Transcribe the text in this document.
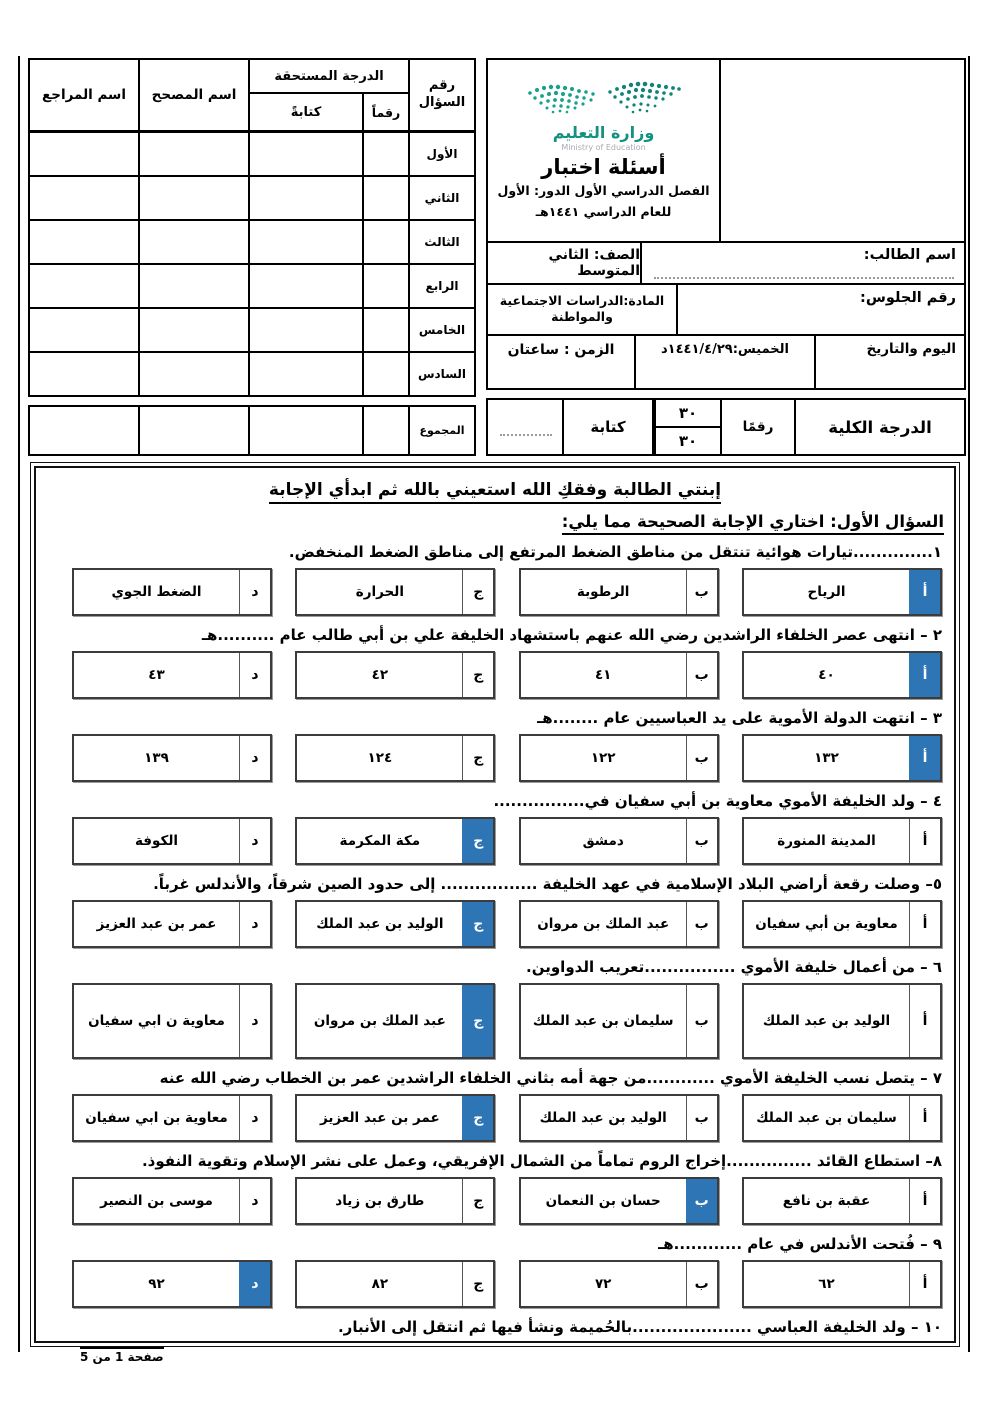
وزارة التعليم
Ministry of Education
أسئلة اختبار
الفصل الدراسي الأول الدور: الأول
للعام الدراسي ١٤٤١هـ
اسم الطالب:
الصف: الثاني المتوسط
رقم الجلوس:
المادة:الدراسات الاجتماعية والمواطنة
اليوم والتاريخ
الخميس:١٤٤١/٤/٢٩د
الزمن : ساعتان
الدرجة الكلية
رقمًا
٣٠
٣٠
كتابة
رقم السؤال
الدرجة المستحقة
رقماً
كتابةً
اسم المصحح
اسم المراجع
الأول
الثاني
الثالث
الرابع
الخامس
السادس
المجموع
إبنتي الطالبة وفقكِ الله استعيني بالله ثم ابدأي الإجابة
السؤال الأول: اختاري الإجابة الصحيحة مما يلي:
١..............تيارات هوائية تنتقل من مناطق الضغط المرتفع إلى مناطق الضغط المنخفض.
أ
الرياح
ب
الرطوبة
ج
الحرارة
د
الضغط الجوي
٢ – انتهى عصر الخلفاء الراشدين رضي الله عنهم باستشهاد الخليفة علي بن أبي طالب عام ..........هـ
أ
٤٠
ب
٤١
ج
٤٢
د
٤٣
٣ – انتهت الدولة الأموية على يد العباسيين عام ........هـ
أ
١٣٢
ب
١٢٢
ج
١٢٤
د
١٣٩
٤ – ولد الخليفة الأموي معاوية بن أبي سفيان في................
أ
المدينة المنورة
ب
دمشق
ج
مكة المكرمة
د
الكوفة
٥– وصلت رقعة أراضي البلاد الإسلامية في عهد الخليفة ................. إلى حدود الصين شرقاً، والأندلس غرباً.
أ
معاوية بن أبي سفيان
ب
عبد الملك بن مروان
ج
الوليد بن عبد الملك
د
عمر بن عبد العزيز
٦ – من أعمال خليفة الأموي ................تعريب الدواوين.
أ
الوليد بن عبد الملك
ب
سليمان بن عبد الملك
ج
عبد الملك بن مروان
د
معاوية ن ابي سفيان
٧ – يتصل نسب الخليفة الأموي ............من جهة أمه بثاني الخلفاء الراشدين عمر بن الخطاب رضي الله عنه
أ
سليمان بن عبد الملك
ب
الوليد بن عبد الملك
ج
عمر بن عبد العزيز
د
معاوية بن ابي سفيان
٨– استطاع القائد ...............إخراج الروم تماماً من الشمال الإفريقي، وعمل على نشر الإسلام وتقوية النفوذ.
أ
عقبة بن نافع
ب
حسان بن النعمان
ج
طارق بن زياد
د
موسى بن النصير
٩ – فُتحت الأندلس في عام ............هـ
أ
٦٢
ب
٧٢
ج
٨٢
د
٩٢
١٠ – ولد الخليفة العباسي .....................بالحُميمة ونشأ فيها ثم انتقل إلى الأنبار.
صفحة 1 من 5
